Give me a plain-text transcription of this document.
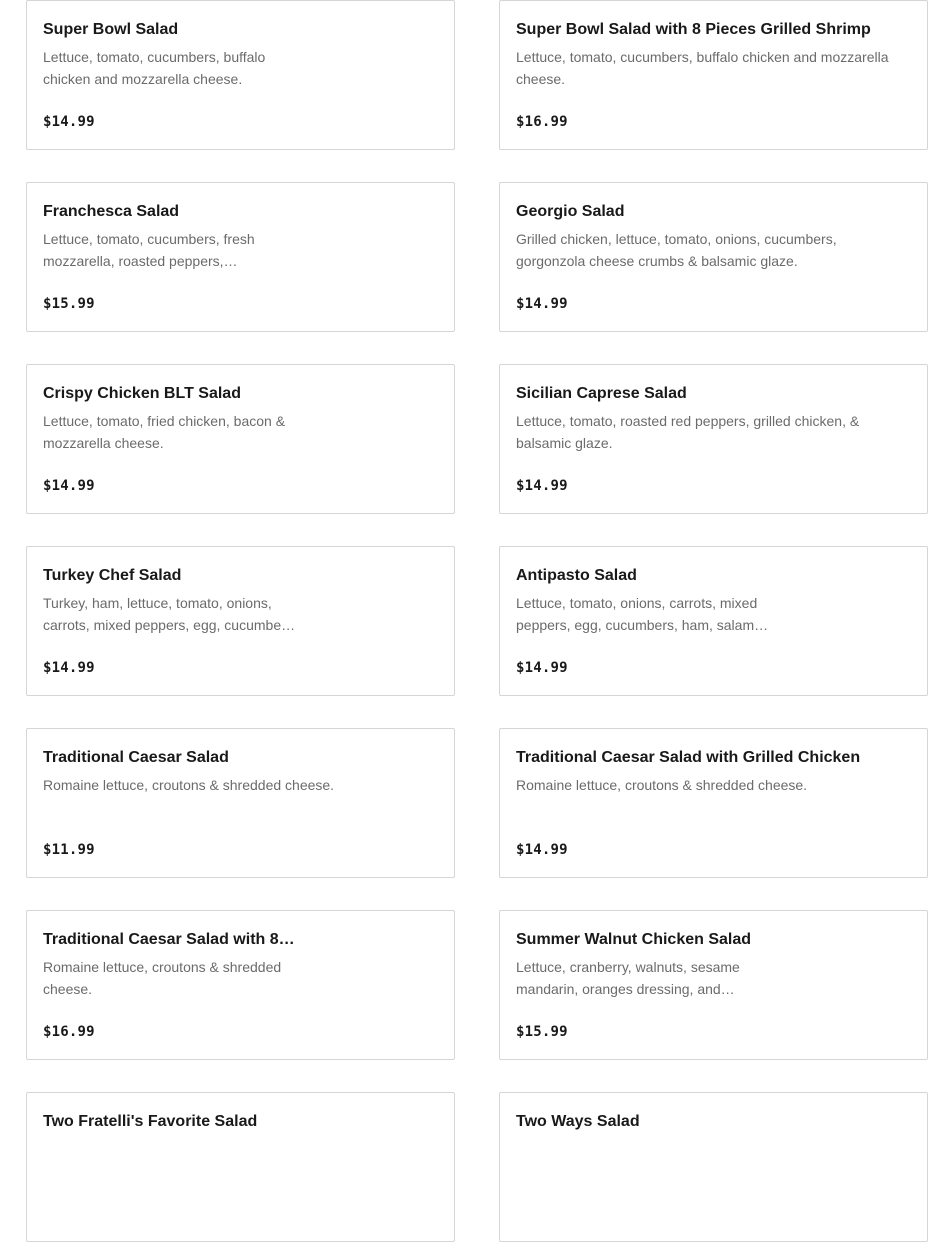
Super Bowl Salad
Lettuce, tomato, cucumbers, buffalo chicken and mozzarella cheese.
$14.99
Super Bowl Salad with 8 Pieces Grilled Shrimp
Lettuce, tomato, cucumbers, buffalo chicken and mozzarella cheese.
$16.99
Franchesca Salad
Lettuce, tomato, cucumbers, fresh mozzarella, roasted peppers,…
$15.99
Georgio Salad
Grilled chicken, lettuce, tomato, onions, cucumbers, gorgonzola cheese crumbs & balsamic glaze.
$14.99
Crispy Chicken BLT Salad
Lettuce, tomato, fried chicken, bacon & mozzarella cheese.
$14.99
Sicilian Caprese Salad
Lettuce, tomato, roasted red peppers, grilled chicken, & balsamic glaze.
$14.99
Turkey Chef Salad
Turkey, ham, lettuce, tomato, onions, carrots, mixed peppers, egg, cucumbe…
$14.99
Antipasto Salad
Lettuce, tomato, onions, carrots, mixed peppers, egg, cucumbers, ham, salam…
$14.99
Traditional Caesar Salad
Romaine lettuce, croutons & shredded cheese.
$11.99
Traditional Caesar Salad with Grilled Chicken
Romaine lettuce, croutons & shredded cheese.
$14.99
Traditional Caesar Salad with 8…
Romaine lettuce, croutons & shredded cheese.
$16.99
Summer Walnut Chicken Salad
Lettuce, cranberry, walnuts, sesame mandarin, oranges dressing, and…
$15.99
Two Fratelli's Favorite Salad	Two Ways Salad
